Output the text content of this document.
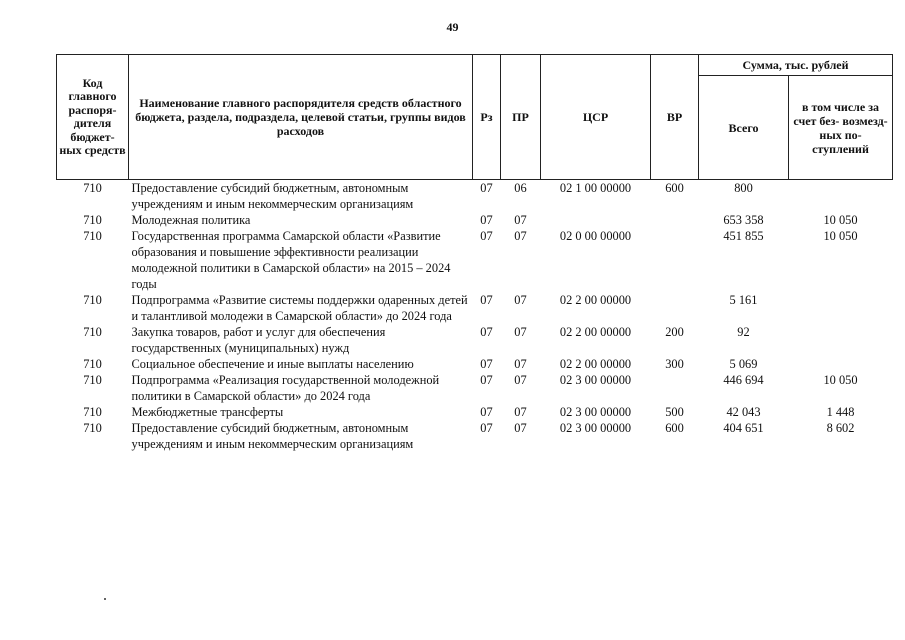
49
Код главного распоря- дителя бюджет- ных средств	Наименование главного распорядителя средств областного бюджета, раздела, подраздела, целевой статьи, группы видов расходов	Рз	ПР	ЦСР	ВР	Сумма, тыс. рублей	
						Всего	в том числе за счет без- возмезд- ных по- ступлений
710	Предоставление субсидий бюджетным, автономным учреждениям и иным некоммерческим организациям	07	06	02 1 00 00000	600	800	
710	Молодежная политика	07	07			653 358	10 050
710	Государственная программа Самарской области «Развитие образования и повышение эффективности реализации молодежной политики в Самарской области» на 2015 – 2024 годы	07	07	02 0 00 00000		451 855	10 050
710	Подпрограмма «Развитие системы поддержки одаренных детей и талантливой молодежи в Самарской области» до 2024 года	07	07	02 2 00 00000		5 161	
710	Закупка товаров, работ и услуг для обеспечения государственных (муниципальных) нужд	07	07	02 2 00 00000	200	92	
710	Социальное обеспечение и иные выплаты населению	07	07	02 2 00 00000	300	5 069	
710	Подпрограмма «Реализация государственной молодежной политики в Самарской области» до 2024 года	07	07	02 3 00 00000		446 694	10 050
710	Межбюджетные трансферты	07	07	02 3 00 00000	500	42 043	1 448
710	Предоставление субсидий бюджетным, автономным учреждениям и иным некоммерческим организациям	07	07	02 3 00 00000	600	404 651	8 602
